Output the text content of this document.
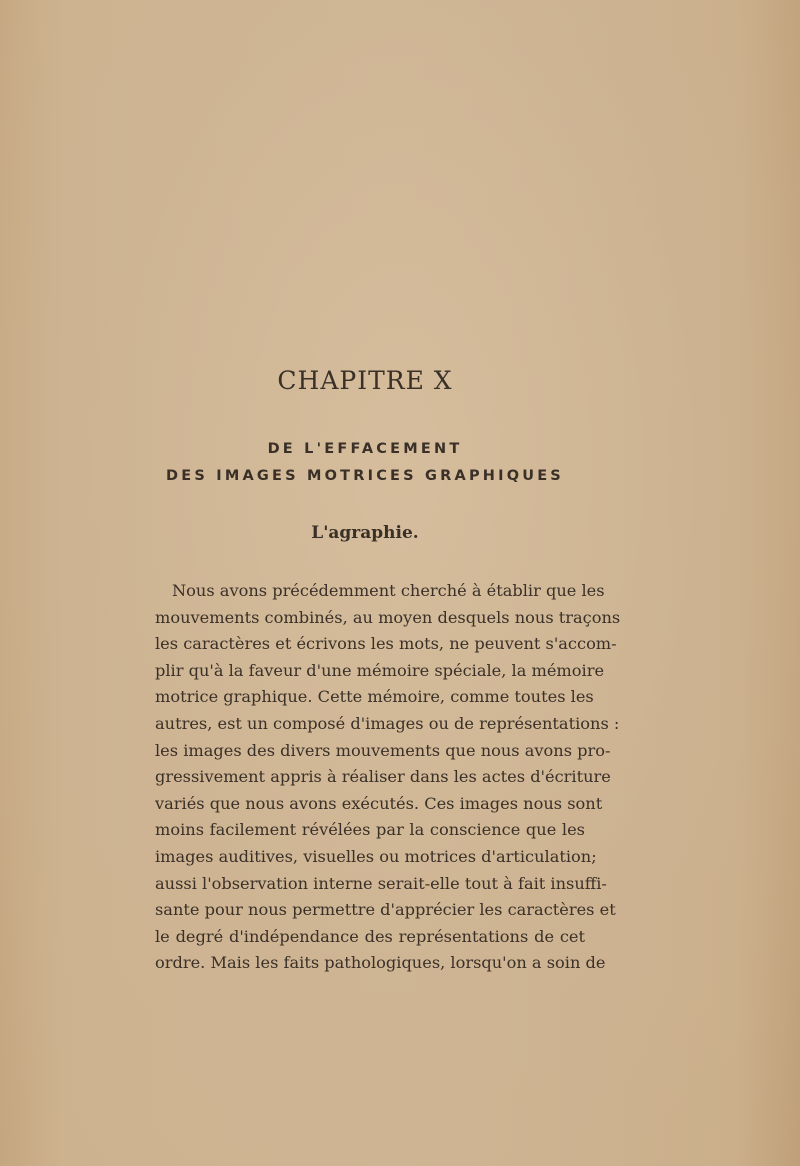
CHAPITRE X
DE L'EFFACEMENT
DES IMAGES MOTRICES GRAPHIQUES
L'agraphie.
Nous avons précédemment cherché à établir que les
mouvements combinés, au moyen desquels nous traçons
les caractères et écrivons les mots, ne peuvent s'accom-
plir qu'à la faveur d'une mémoire spéciale, la mémoire
motrice graphique. Cette mémoire, comme toutes les
autres, est un composé d'images ou de représentations :
les images des divers mouvements que nous avons pro-
gressivement appris à réaliser dans les actes d'écriture
variés que nous avons exécutés. Ces images nous sont
moins facilement révélées par la conscience que les
images auditives, visuelles ou motrices d'articulation;
aussi l'observation interne serait-elle tout à fait insuffi-
sante pour nous permettre d'apprécier les caractères et
le degré d'indépendance des représentations de cet
ordre. Mais les faits pathologiques, lorsqu'on a soin de
